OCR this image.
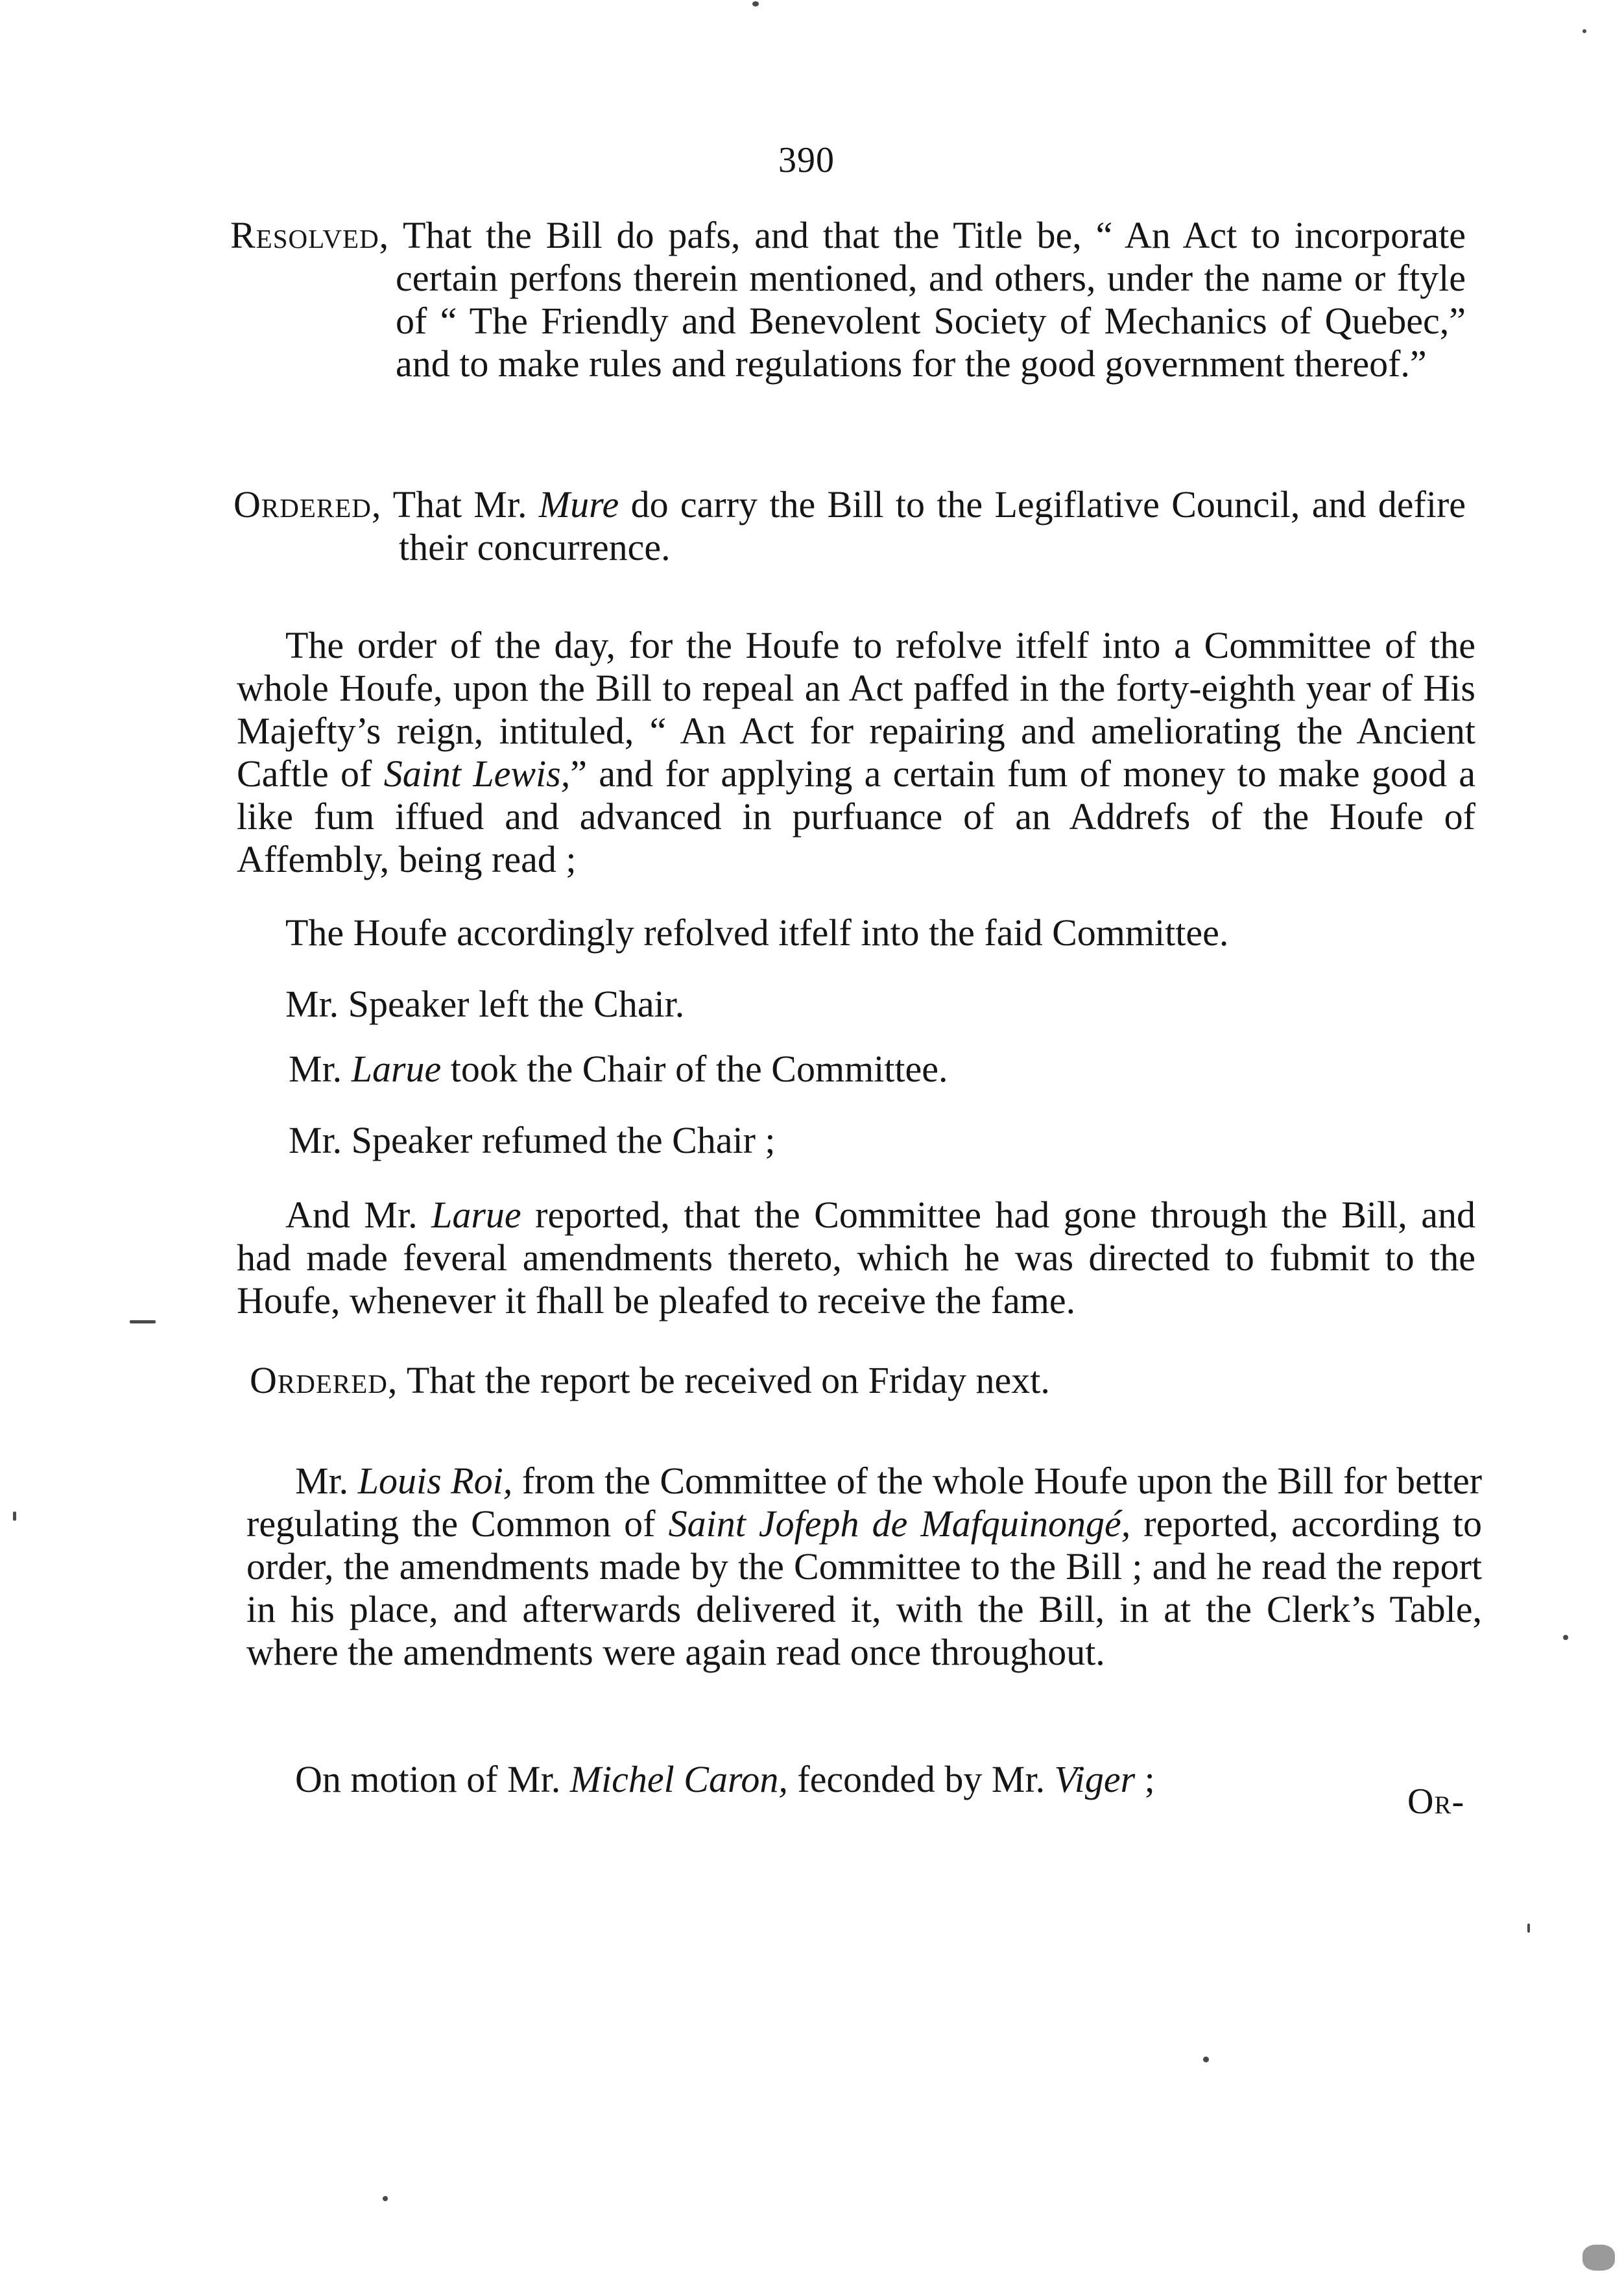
390

Resolved, That the Bill do pafs, and that the Title be, “ An Act to incorporate certain perfons therein mentioned, and others, under the name or ftyle of “ The Friendly and Benevolent Society of Mechanics of Quebec,” and to make rules and regulations for the good government thereof.”

Ordered, That Mr. Mure do carry the Bill to the Legiflative Council, and defire their concurrence.

The order of the day, for the Houfe to refolve itfelf into a Committee of the whole Houfe, upon the Bill to repeal an Act paffed in the forty-eighth year of His Majefty’s reign, intituled, “ An Act for repairing and ameliorating the Ancient Caftle of Saint Lewis,” and for applying a certain fum of money to make good a like fum iffued and advanced in purfuance of an Addrefs of the Houfe of Affembly, being read ;

The Houfe accordingly refolved itfelf into the faid Committee.
Mr. Speaker left the Chair.
Mr. Larue took the Chair of the Committee.
Mr. Speaker refumed the Chair ;

And Mr. Larue reported, that the Committee had gone through the Bill, and had made feveral amendments thereto, which he was directed to fubmit to the Houfe, whenever it fhall be pleafed to receive the fame.

Ordered, That the report be received on Friday next.

Mr. Louis Roi, from the Committee of the whole Houfe upon the Bill for better regulating the Common of Saint Jofeph de Mafquinongé, reported, according to order, the amendments made by the Committee to the Bill ; and he read the report in his place, and afterwards delivered it, with the Bill, in at the Clerk’s Table, where the amendments were again read once throughout.

On motion of Mr. Michel Caron, feconded by Mr. Viger ;
Or-
